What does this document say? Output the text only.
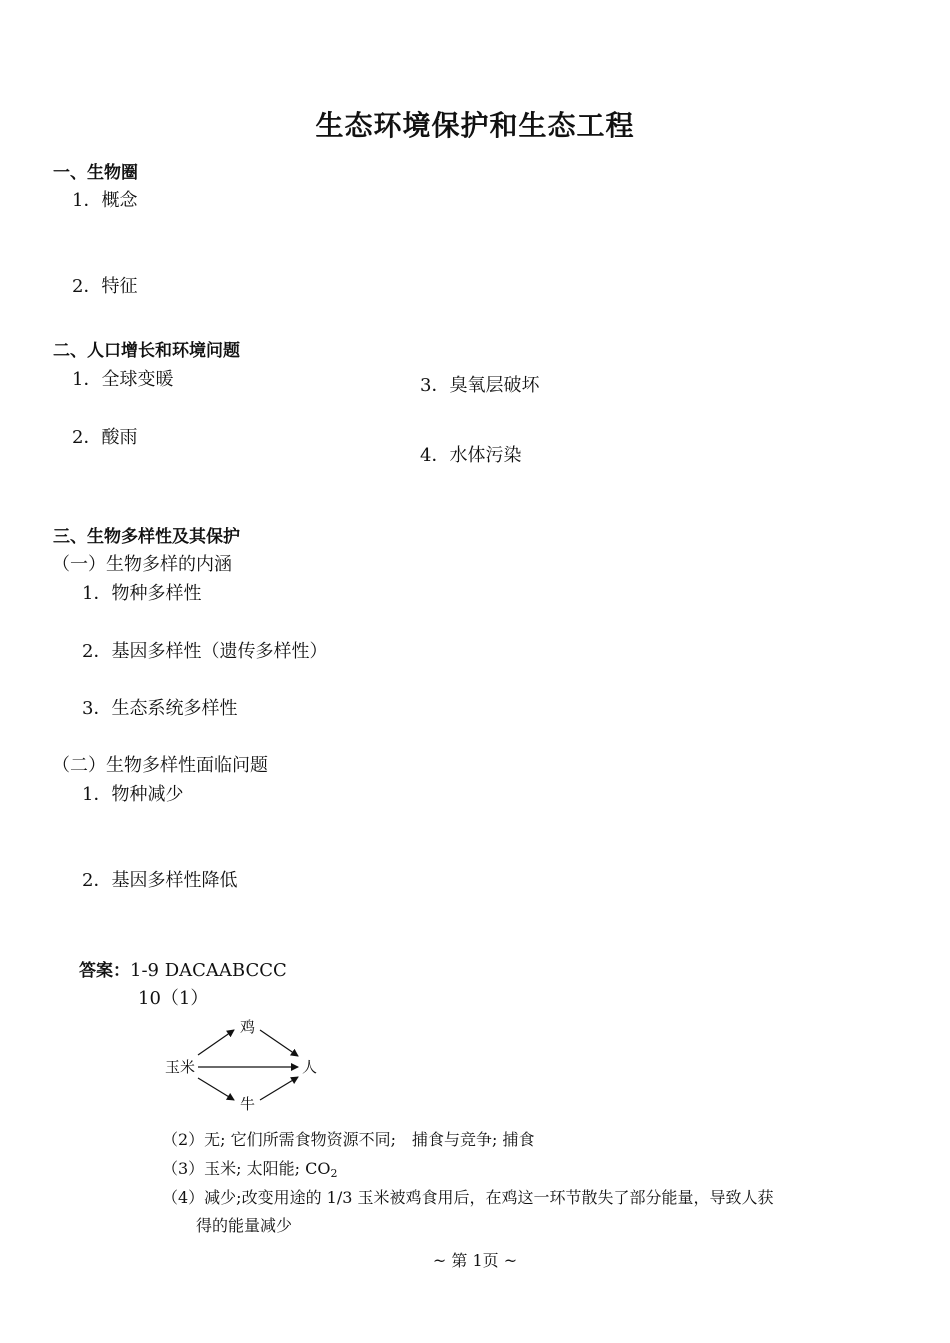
生态环境保护和生态工程
一、生物圈
1．概念
2．特征
二、人口增长和环境问题
1．全球变暖
2．酸雨
3．臭氧层破坏
4．水体污染
三、生物多样性及其保护
（一）生物多样的内涵
1．物种多样性
2．基因多样性（遗传多样性）
3．生态系统多样性
（二）生物多样性面临问题
1．物种减少
2．基因多样性降低
答案：1-9 DACAABCCC
10（1）
玉米
鸡
牛
人
（2）无; 它们所需食物资源不同;　捕食与竞争; 捕食
（3）玉米; 太阳能; $CO_2$
（4）减少;改变用途的 1/3 玉米被鸡食用后，在鸡这一环节散失了部分能量，导致人获
得的能量减少
~ 第 1页 ~
